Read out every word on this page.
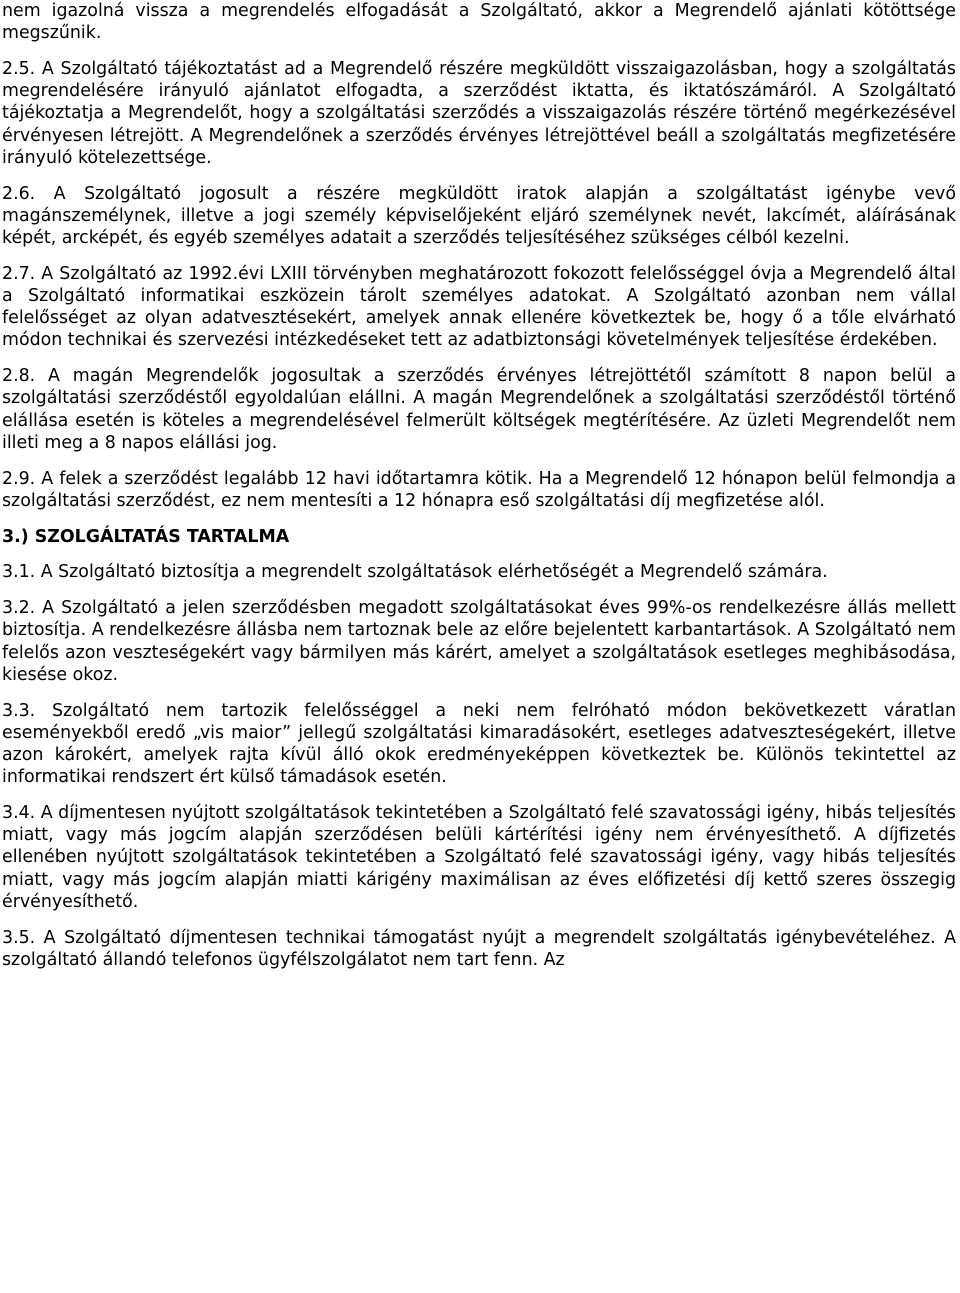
nem igazolná vissza a megrendelés elfogadását a Szolgáltató, akkor a Megrendelő ajánlati kötöttsége megszűnik.

2.5. A Szolgáltató tájékoztatást ad a Megrendelő részére megküldött visszaigazolásban, hogy a szolgáltatás megrendelésére irányuló ajánlatot elfogadta, a szerződést iktatta, és iktatószámáról. A Szolgáltató tájékoztatja a Megrendelőt, hogy a szolgáltatási szerződés a visszaigazolás részére történő megérkezésével érvényesen létrejött. A Megrendelőnek a szerződés érvényes létrejöttével beáll a szolgáltatás megfizetésére irányuló kötelezettsége.

2.6. A Szolgáltató jogosult a részére megküldött iratok alapján a szolgáltatást igénybe vevő magánszemélynek, illetve a jogi személy képviselőjeként eljáró személynek nevét, lakcímét, aláírásának képét, arcképét, és egyéb személyes adatait a szerződés teljesítéséhez szükséges célból kezelni.

2.7. A Szolgáltató az 1992.évi LXIII törvényben meghatározott fokozott felelősséggel óvja a Megrendelő által a Szolgáltató informatikai eszközein tárolt személyes adatokat. A Szolgáltató azonban nem vállal felelősséget az olyan adatvesztésekért, amelyek annak ellenére következtek be, hogy ő a tőle elvárható módon technikai és szervezési intézkedéseket tett az adatbiztonsági követelmények teljesítése érdekében.

2.8. A magán Megrendelők jogosultak a szerződés érvényes létrejöttétől számított 8 napon belül a szolgáltatási szerződéstől egyoldalúan elállni. A magán Megrendelőnek a szolgáltatási szerződéstől történő elállása esetén is köteles a megrendelésével felmerült költségek megtérítésére. Az üzleti Megrendelőt nem illeti meg a 8 napos elállási jog.

2.9. A felek a szerződést legalább 12 havi időtartamra kötik. Ha a Megrendelő 12 hónapon belül felmondja a szolgáltatási szerződést, ez nem mentesíti a 12 hónapra eső szolgáltatási díj megfizetése alól.

3.) SZOLGÁLTATÁS TARTALMA

3.1. A Szolgáltató biztosítja a megrendelt szolgáltatások elérhetőségét a Megrendelő számára.

3.2. A Szolgáltató a jelen szerződésben megadott szolgáltatásokat éves 99%-os rendelkezésre állás mellett biztosítja. A rendelkezésre állásba nem tartoznak bele az előre bejelentett karbantartások. A Szolgáltató nem felelős azon veszteségekért vagy bármilyen más kárért, amelyet a szolgáltatások esetleges meghibásodása, kiesése okoz.

3.3. Szolgáltató nem tartozik felelősséggel a neki nem felróható módon bekövetkezett váratlan eseményekből eredő „vis maior” jellegű szolgáltatási kimaradásokért, esetleges adatveszteségekért, illetve azon károkért, amelyek rajta kívül álló okok eredményeképpen következtek be. Különös tekintettel az informatikai rendszert ért külső támadások esetén.

3.4. A díjmentesen nyújtott szolgáltatások tekintetében a Szolgáltató felé szavatossági igény, hibás teljesítés miatt, vagy más jogcím alapján szerződésen belüli kártérítési igény nem érvényesíthető. A díjfizetés ellenében nyújtott szolgáltatások tekintetében a Szolgáltató felé szavatossági igény, vagy hibás teljesítés miatt, vagy más jogcím alapján miatti kárigény maximálisan az éves előfizetési díj kettő szeres összegig érvényesíthető.

3.5. A Szolgáltató díjmentesen technikai támogatást nyújt a megrendelt szolgáltatás igénybevételéhez. A szolgáltató állandó telefonos ügyfélszolgálatot nem tart fenn. Az
